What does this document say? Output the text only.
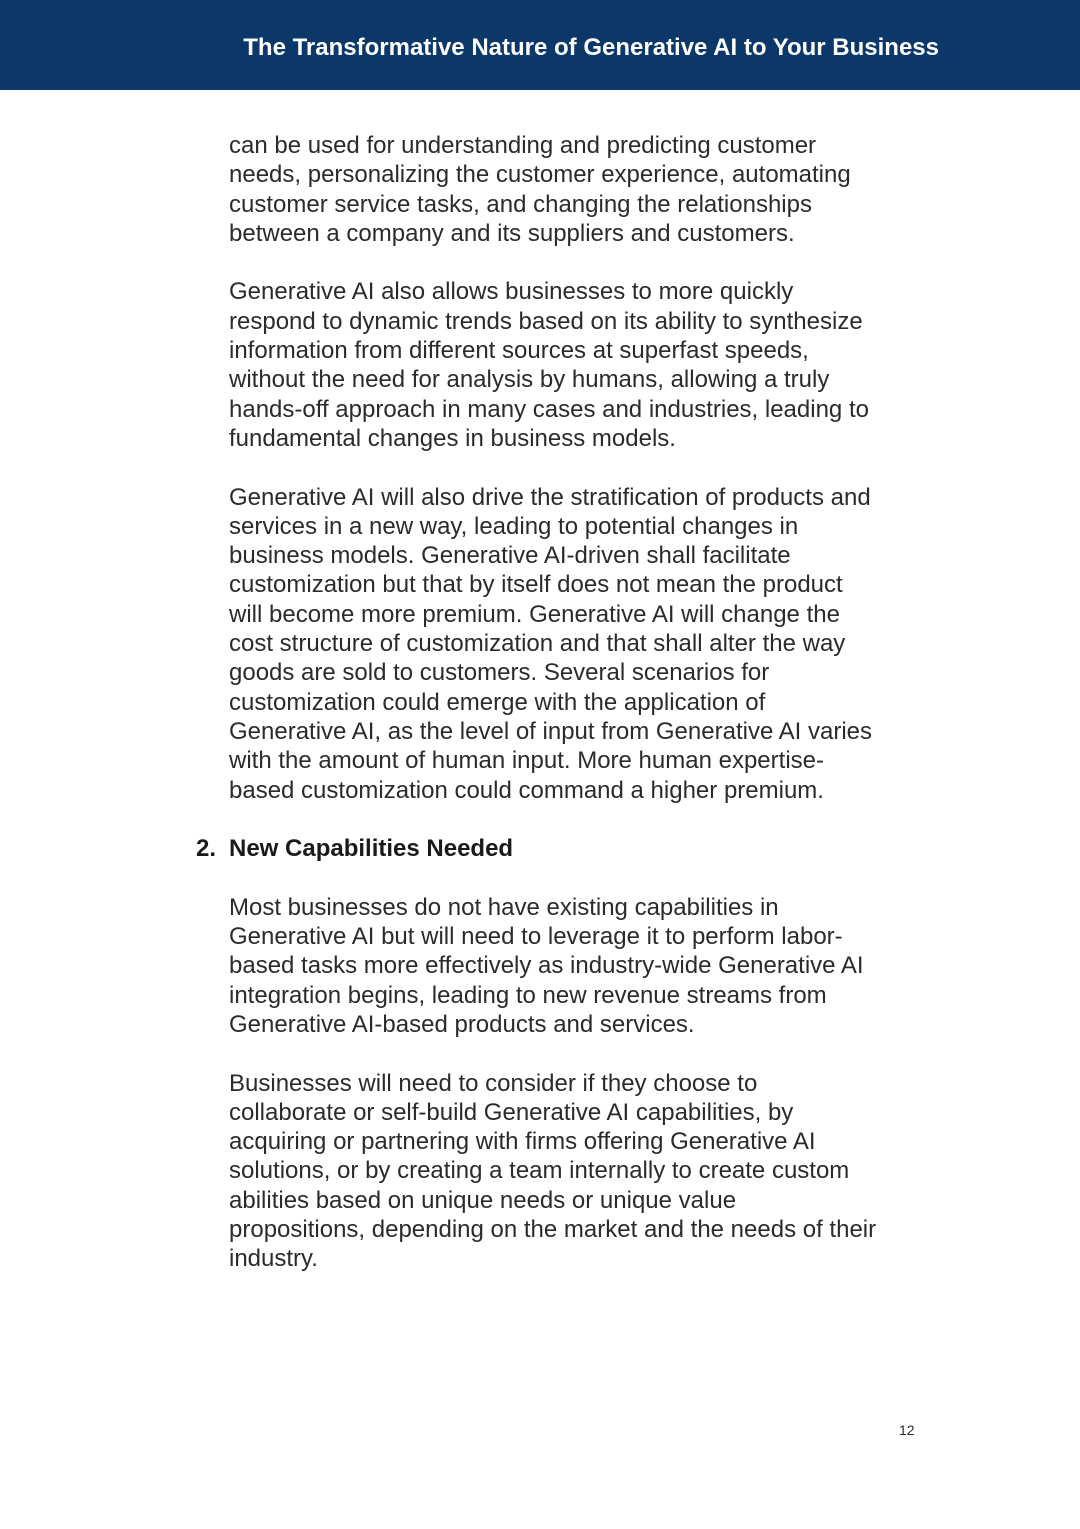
The Transformative Nature of Generative AI to Your Business

can be used for understanding and predicting customer
needs, personalizing the customer experience, automating
customer service tasks, and changing the relationships
between a company and its suppliers and customers.

Generative AI also allows businesses to more quickly
respond to dynamic trends based on its ability to synthesize
information from different sources at superfast speeds,
without the need for analysis by humans, allowing a truly
hands-off approach in many cases and industries, leading to
fundamental changes in business models.

Generative AI will also drive the stratification of products and
services in a new way, leading to potential changes in
business models. Generative AI-driven shall facilitate
customization but that by itself does not mean the product
will become more premium. Generative AI will change the
cost structure of customization and that shall alter the way
goods are sold to customers. Several scenarios for
customization could emerge with the application of
Generative AI, as the level of input from Generative AI varies
with the amount of human input. More human expertise-
based customization could command a higher premium.

2. New Capabilities Needed

Most businesses do not have existing capabilities in
Generative AI but will need to leverage it to perform labor-
based tasks more effectively as industry-wide Generative AI
integration begins, leading to new revenue streams from
Generative AI-based products and services.

Businesses will need to consider if they choose to
collaborate or self-build Generative AI capabilities, by
acquiring or partnering with firms offering Generative AI
solutions, or by creating a team internally to create custom
abilities based on unique needs or unique value
propositions, depending on the market and the needs of their
industry.

12
